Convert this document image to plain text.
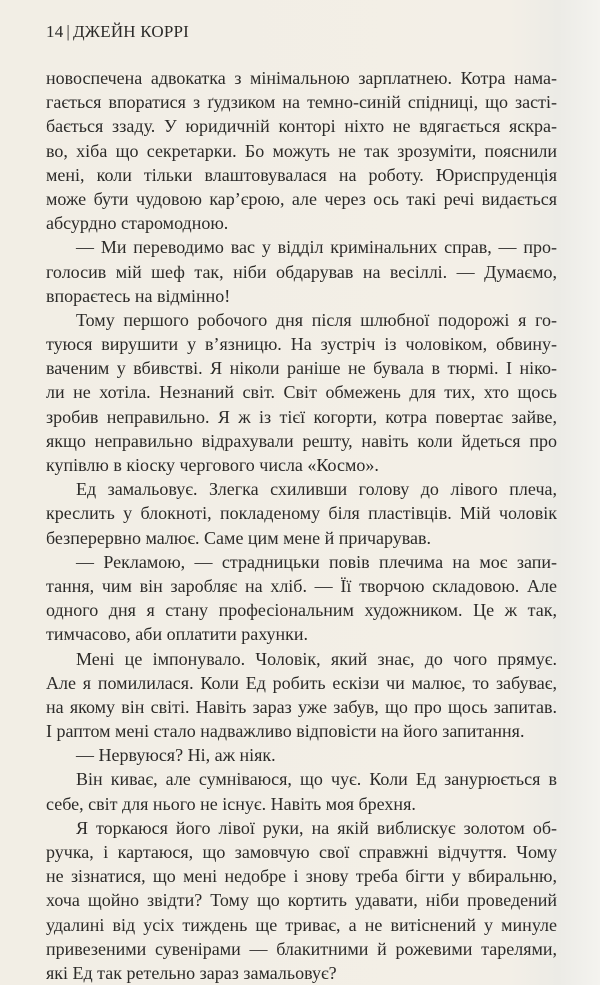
14 | ДЖЕЙН КОРРІ
новоспечена адвокатка з мінімальною зарплатнею. Котра нама-
гається впоратися з ґудзиком на темно-синій спідниці, що засті-
бається ззаду. У юридичній конторі ніхто не вдягається яскра-
во, хіба що секретарки. Бо можуть не так зрозуміти, пояснили
мені, коли тільки влаштовувалася на роботу. Юриспруденція
може бути чудовою кар’єрою, але через ось такі речі видається
абсурдно старомодною.
— Ми переводимо вас у відділ кримінальних справ, — про-
голосив мій шеф так, ніби обдарував на весіллі. — Думаємо,
впораєтесь на відмінно!
Тому першого робочого дня після шлюбної подорожі я го-
туюся вирушити у в’язницю. На зустріч із чоловіком, обвину-
ваченим у вбивстві. Я ніколи раніше не бувала в тюрмі. І ніко-
ли не хотіла. Незнаний світ. Світ обмежень для тих, хто щось
зробив неправильно. Я ж із тієї когорти, котра повертає зайве,
якщо неправильно відрахували решту, навіть коли йдеться про
купівлю в кіоску чергового числа «Космо».
Ед замальовує. Злегка схиливши голову до лівого плеча,
креслить у блокноті, покладеному біля пластівців. Мій чоловік
безперервно малює. Саме цим мене й причарував.
— Рекламою, — страдницьки повів плечима на моє запи-
тання, чим він заробляє на хліб. — Її творчою складовою. Але
одного дня я стану професіональним художником. Це ж так,
тимчасово, аби оплатити рахунки.
Мені це імпонувало. Чоловік, який знає, до чого прямує.
Але я помилилася. Коли Ед робить ескізи чи малює, то забуває,
на якому він світі. Навіть зараз уже забув, що про щось запитав.
І раптом мені стало надважливо відповісти на його запитання.
— Нервуюся? Ні, аж ніяк.
Він киває, але сумніваюся, що чує. Коли Ед занурюється в
себе, світ для нього не існує. Навіть моя брехня.
Я торкаюся його лівої руки, на якій виблискує золотом об-
ручка, і картаюся, що замовчую свої справжні відчуття. Чому
не зізнатися, що мені недобре і знову треба бігти у вбиральню,
хоча щойно звідти? Тому що кортить удавати, ніби проведений
удалині від усіх тиждень ще триває, а не витіснений у минуле
привезеними сувенірами — блакитними й рожевими тарелями,
які Ед так ретельно зараз замальовує?
